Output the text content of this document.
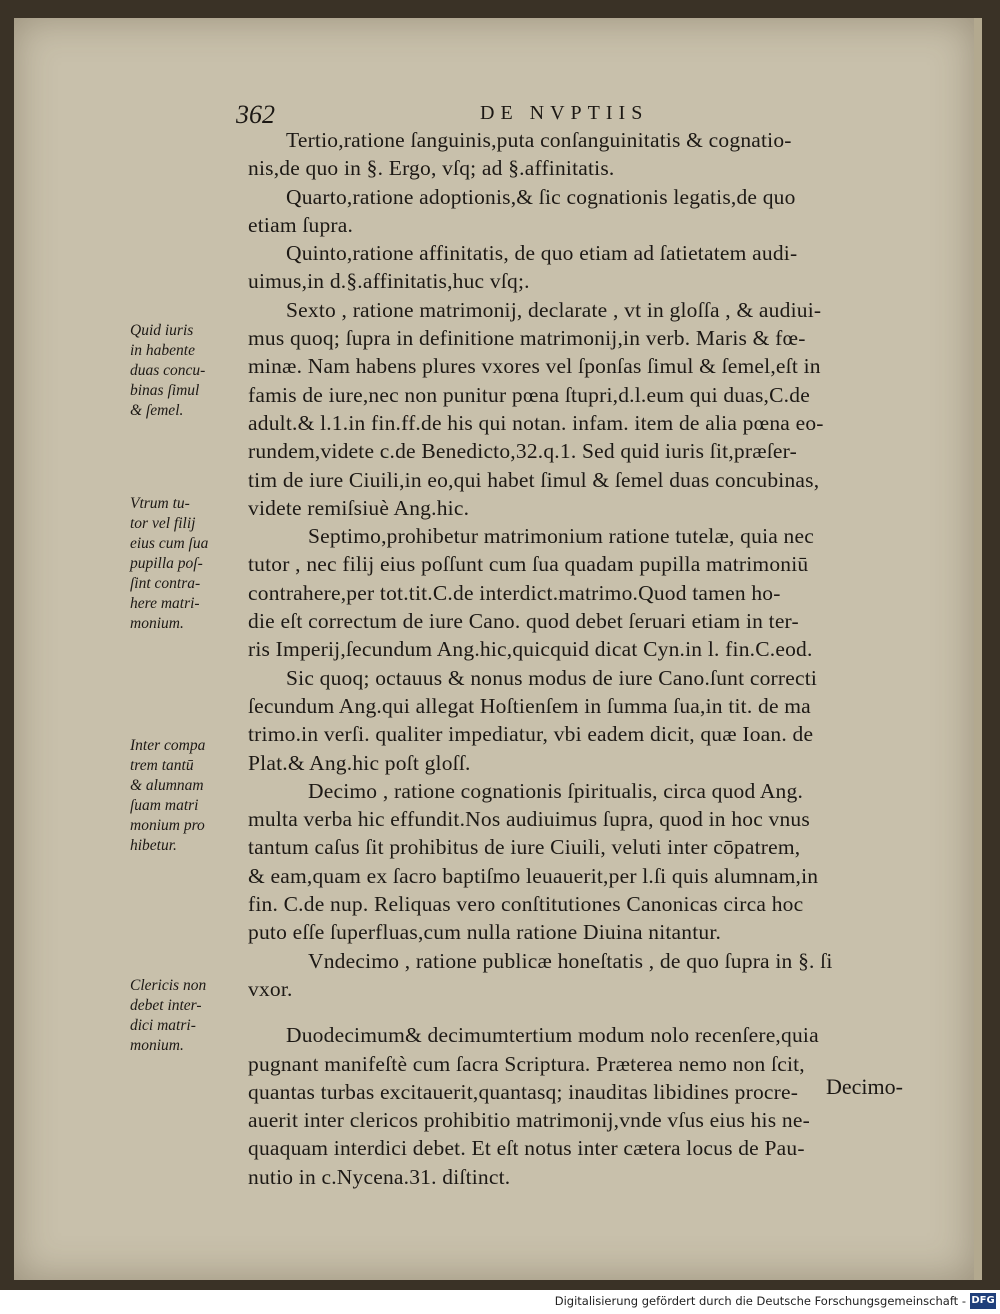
362	DE NVPTIIS
Tertio,ratione ſanguinis,puta conſanguinitatis & cognatio-
nis,de quo in §. Ergo, vſq; ad §.affinitatis.
Quarto,ratione adoptionis,& ſic cognationis legatis,de quo
etiam ſupra.
Quinto,ratione affinitatis, de quo etiam ad ſatietatem audi-
uimus,in d.§.affinitatis,huc vſq;.
Sexto , ratione matrimonij, declarate , vt in gloſſa , & audiui-
mus quoq; ſupra in definitione matrimonij,in verb. Maris & fœ-
minæ. Nam habens plures vxores vel ſponſas ſimul & ſemel,eſt in
famis de iure,nec non punitur pœna ſtupri,d.l.eum qui duas,C.de
adult.& l.1.in fin.ff.de his qui notan. infam. item de alia pœna eo-
rundem,videte c.de Benedicto,32.q.1. Sed quid iuris ſit,præſer-
tim de iure Ciuili,in eo,qui habet ſimul & ſemel duas concubinas,
videte remiſsiuè Ang.hic.
Septimo,prohibetur matrimonium ratione tutelæ, quia nec
tutor , nec filij eius poſſunt cum ſua quadam pupilla matrimoniū
contrahere,per tot.tit.C.de interdict.matrimo.Quod tamen ho-
die eſt correctum de iure Cano. quod debet ſeruari etiam in ter-
ris Imperij,ſecundum Ang.hic,quicquid dicat Cyn.in l. fin.C.eod.
Sic quoq; octauus & nonus modus de iure Cano.ſunt correcti
ſecundum Ang.qui allegat Hoſtienſem in ſumma ſua,in tit. de ma
trimo.in verſi. qualiter impediatur, vbi eadem dicit, quæ Ioan. de
Plat.& Ang.hic poſt gloſſ.
Decimo , ratione cognationis ſpiritualis, circa quod Ang.
multa verba hic effundit.Nos audiuimus ſupra, quod in hoc vnus
tantum caſus ſit prohibitus de iure Ciuili, veluti inter cōpatrem,
& eam,quam ex ſacro baptiſmo leuauerit,per l.ſi quis alumnam,in
fin. C.de nup. Reliquas vero conſtitutiones Canonicas circa hoc
puto eſſe ſuperfluas,cum nulla ratione Diuina nitantur.
Vndecimo , ratione publicæ honeſtatis , de quo ſupra in §. ſi
vxor.
Duodecimum& decimumtertium modum nolo recenſere,quia
pugnant manifeſtè cum ſacra Scriptura. Præterea nemo non ſcit,
quantas turbas excitauerit,quantasq; inauditas libidines procre-
auerit inter clericos prohibitio matrimonij,vnde vſus eius his ne-
quaquam interdici debet. Et eſt notus inter cætera locus de Pau-
nutio in c.Nycena.31. diſtinct.
Quid iuris
in habente
duas concu-
binas ſimul
& ſemel.
Vtrum tu-
tor vel filij
eius cum ſua
pupilla poſ-
ſint contra-
here matri-
monium.
Inter compa
trem tantū
& alumnam
ſuam matri
monium pro
hibetur.
Clericis non
debet inter-
dici matri-
monium.
Decimo-
Digitalisierung gefördert durch die Deutsche Forschungsgemeinschaft - DFG
